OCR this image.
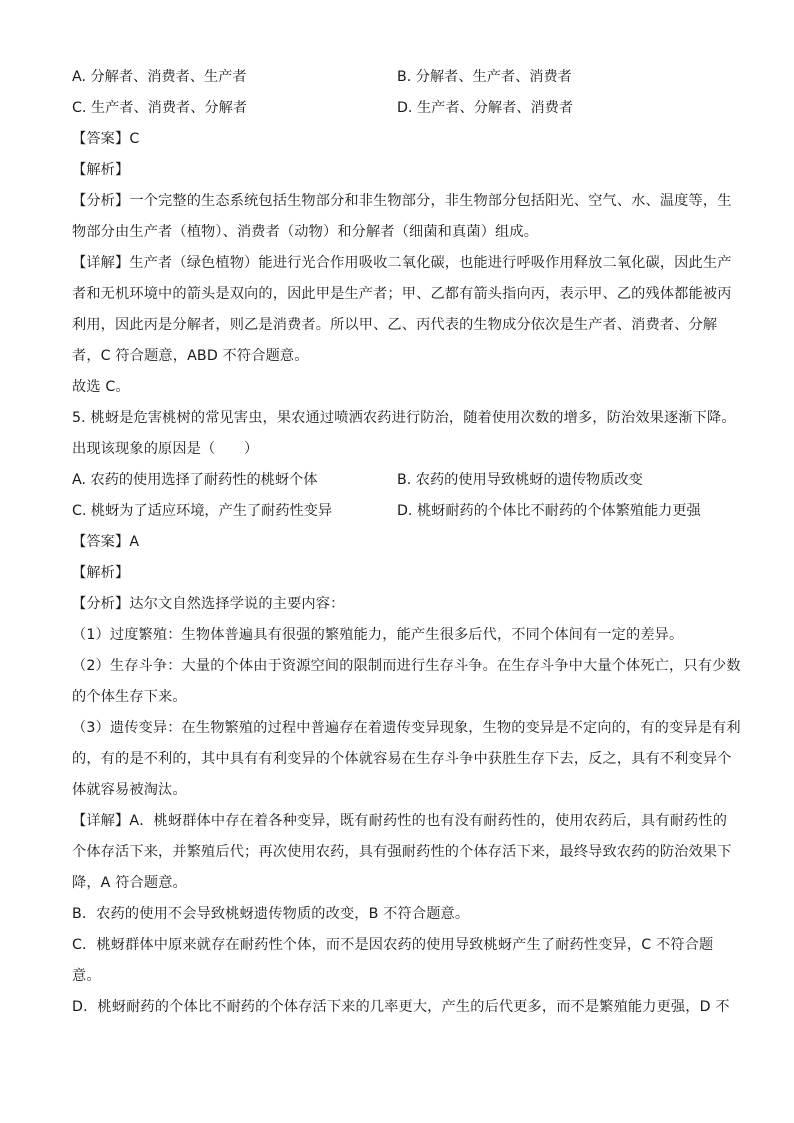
A. 分解者、消费者、生产者	B. 分解者、生产者、消费者
C. 生产者、消费者、分解者	D. 生产者、分解者、消费者
【答案】C
【解析】
【分析】一个完整的生态系统包括生物部分和非生物部分，非生物部分包括阳光、空气、水、温度等，生
物部分由生产者（植物）、消费者（动物）和分解者（细菌和真菌）组成。
【详解】生产者（绿色植物）能进行光合作用吸收二氧化碳，也能进行呼吸作用释放二氧化碳，因此生产
者和无机环境中的箭头是双向的，因此甲是生产者；甲、乙都有箭头指向丙，表示甲、乙的残体都能被丙
利用，因此丙是分解者，则乙是消费者。所以甲、乙、丙代表的生物成分依次是生产者、消费者、分解
者，C 符合题意，ABD 不符合题意。
故选 C。
5. 桃蚜是危害桃树的常见害虫，果农通过喷洒农药进行防治，随着使用次数的增多，防治效果逐渐下降。
出现该现象的原因是（　　）
A. 农药的使用选择了耐药性的桃蚜个体	B. 农药的使用导致桃蚜的遗传物质改变
C. 桃蚜为了适应环境，产生了耐药性变异	D. 桃蚜耐药的个体比不耐药的个体繁殖能力更强
【答案】A
【解析】
【分析】达尔文自然选择学说的主要内容：
（1）过度繁殖：生物体普遍具有很强的繁殖能力，能产生很多后代，不同个体间有一定的差异。
（2）生存斗争：大量的个体由于资源空间的限制而进行生存斗争。在生存斗争中大量个体死亡，只有少数
的个体生存下来。
（3）遗传变异：在生物繁殖的过程中普遍存在着遗传变异现象，生物的变异是不定向的，有的变异是有利
的，有的是不利的，其中具有有利变异的个体就容易在生存斗争中获胜生存下去，反之，具有不利变异个
体就容易被淘汰。
【详解】A．桃蚜群体中存在着各种变异，既有耐药性的也有没有耐药性的，使用农药后，具有耐药性的
个体存活下来，并繁殖后代；再次使用农药，具有强耐药性的个体存活下来，最终导致农药的防治效果下
降，A 符合题意。
B．农药的使用不会导致桃蚜遗传物质的改变，B 不符合题意。
C．桃蚜群体中原来就存在耐药性个体，而不是因农药的使用导致桃蚜产生了耐药性变异，C 不符合题
意。
D．桃蚜耐药的个体比不耐药的个体存活下来的几率更大，产生的后代更多，而不是繁殖能力更强，D 不
